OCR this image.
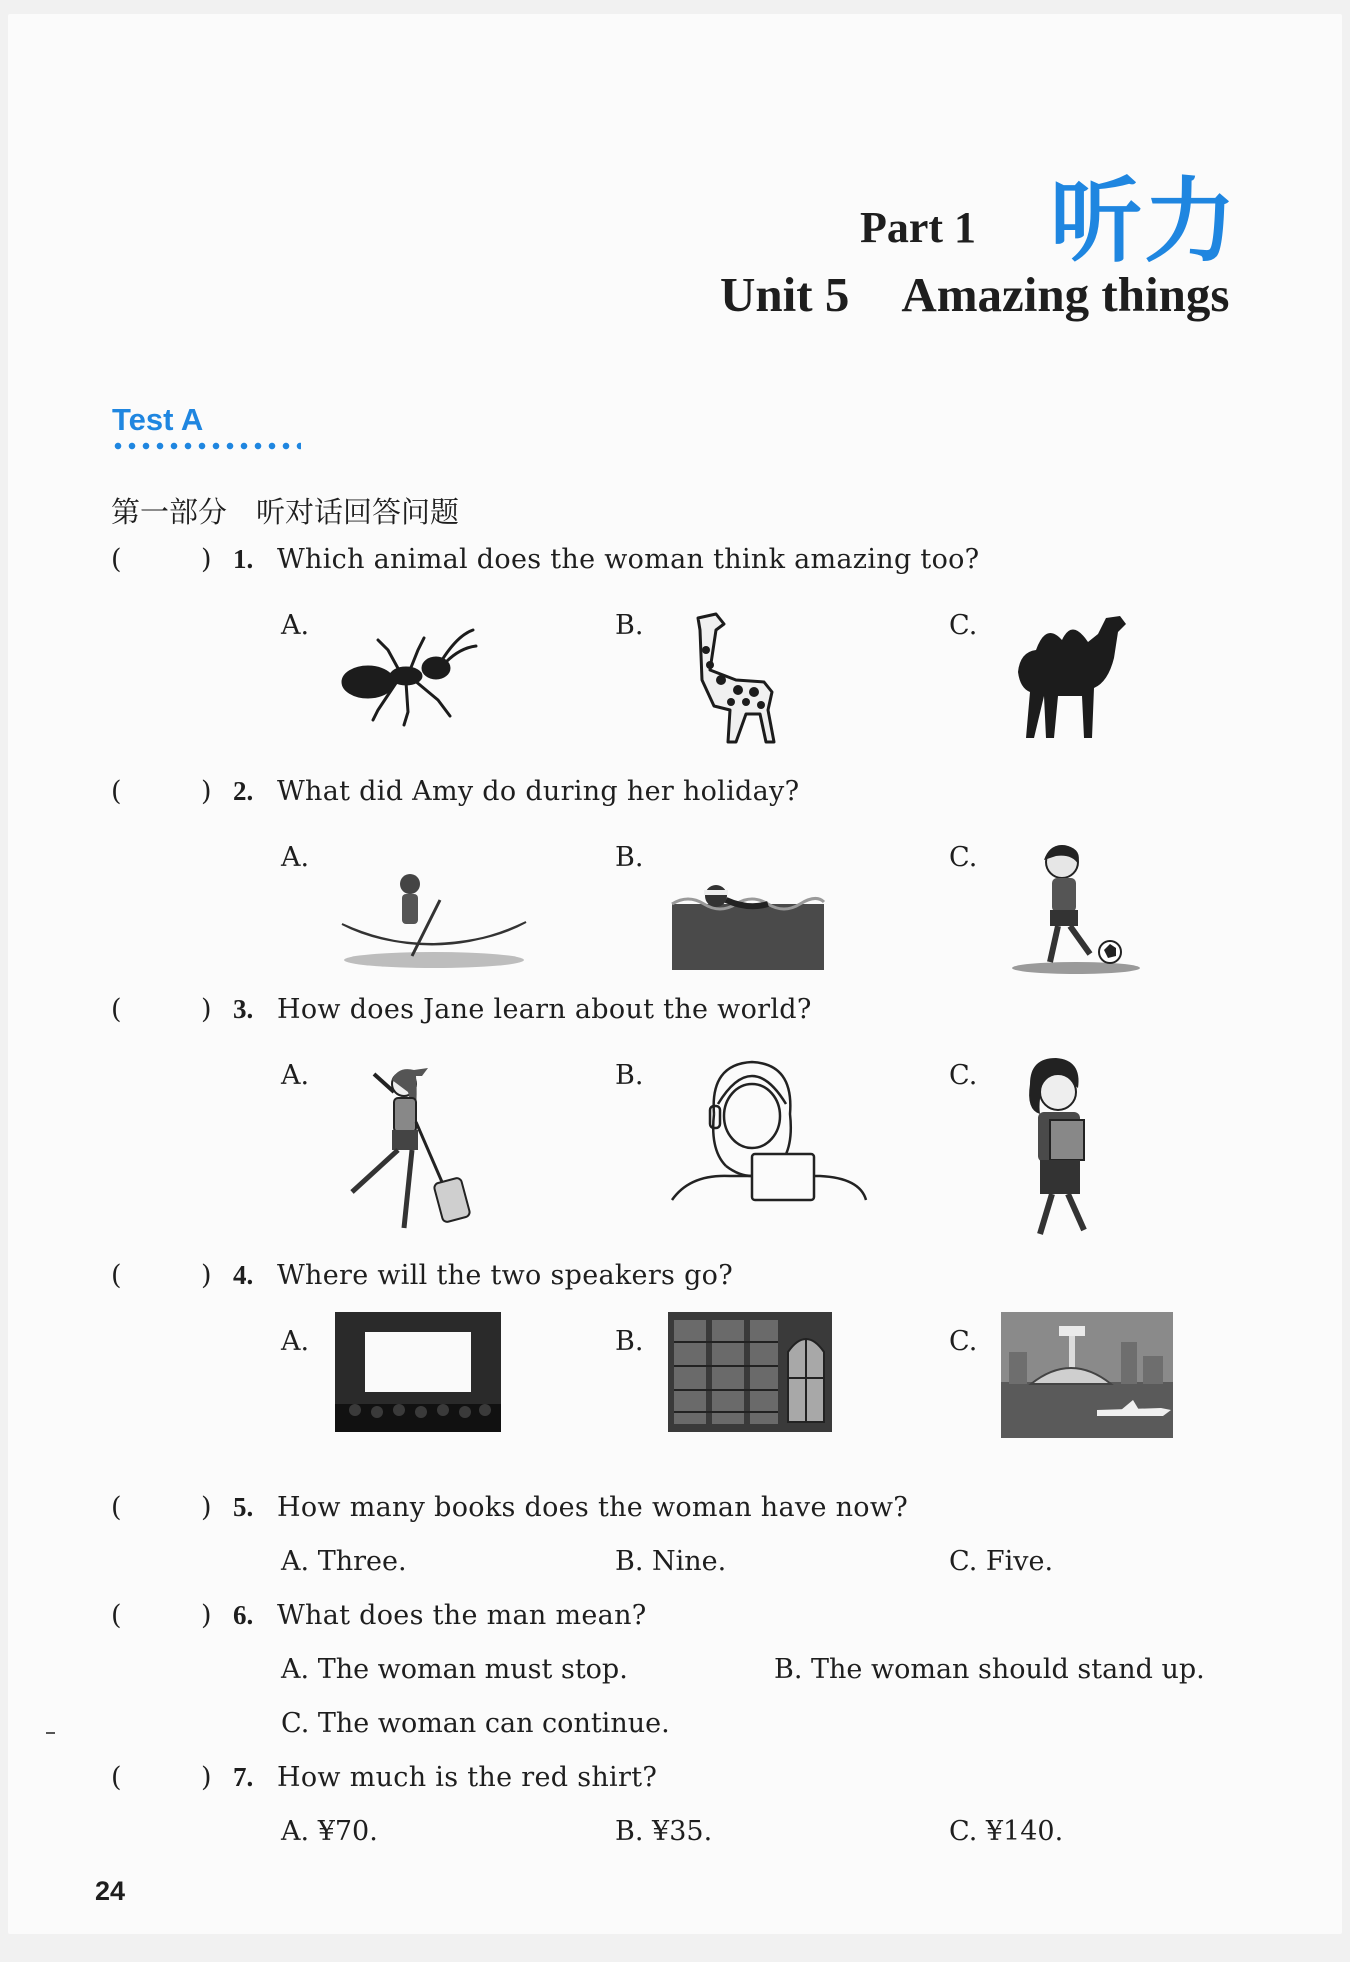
Part 1 听力
Unit 5 Amazing things
Test A
第一部分　听对话回答问题
(	) 1. Which animal does the woman think amazing too?
A.	B.	C.
(	) 2. What did Amy do during her holiday?
A.	B.	C.
(	) 3. How does Jane learn about the world?
A.	B.	C.
(	) 4. Where will the two speakers go?
A.	B.	C.
(	) 5. How many books does the woman have now?
A. Three.	B. Nine.	C. Five.
(	) 6. What does the man mean?
A. The woman must stop.	B. The woman should stand up.
C. The woman can continue.
(	) 7. How much is the red shirt?
A. ¥70.	B. ¥35.	C. ¥140.
24
